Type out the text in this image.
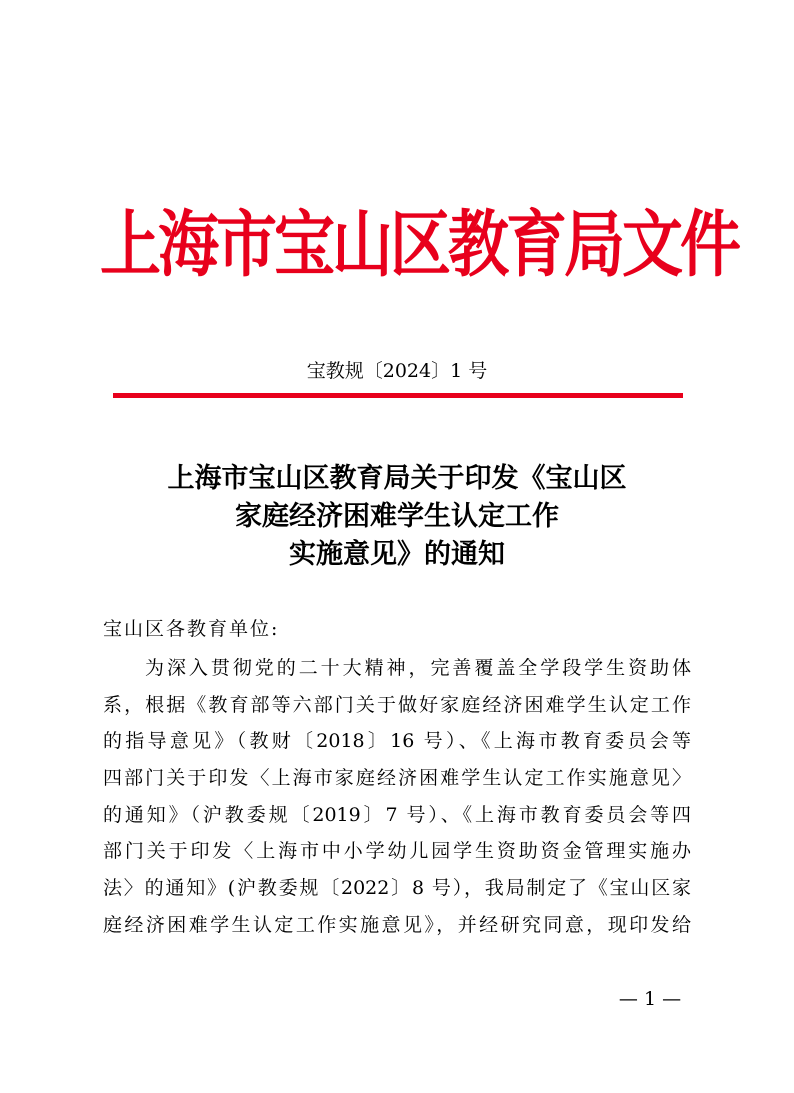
上海市宝山区教育局文件
宝教规〔2024〕1 号
上海市宝山区教育局关于印发《宝山区
家庭经济困难学生认定工作
实施意见》的通知
宝山区各教育单位:
为深入贯彻党的二十大精神，完善覆盖全学段学生资助体
系，根据《教育部等六部门关于做好家庭经济困难学生认定工作
的指导意见》（教财〔2018〕16 号）、《上海市教育委员会等
四部门关于印发〈上海市家庭经济困难学生认定工作实施意见〉
的通知》（沪教委规〔2019〕7 号）、《上海市教育委员会等四
部门关于印发〈上海市中小学幼儿园学生资助资金管理实施办
法〉的通知》(沪教委规〔2022〕8 号），我局制定了《宝山区家
庭经济困难学生认定工作实施意见》，并经研究同意，现印发给
— 1 —
